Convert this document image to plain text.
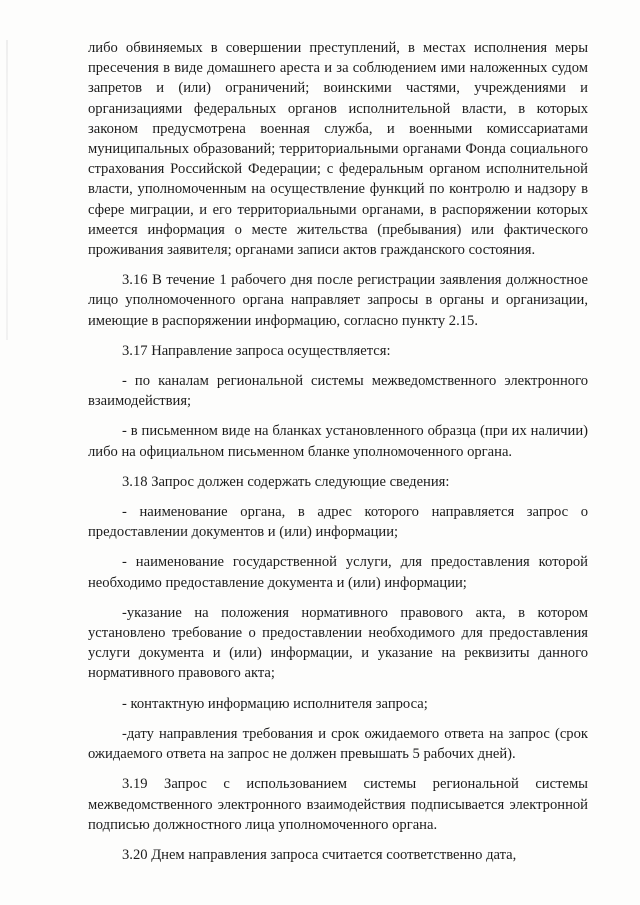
либо обвиняемых в совершении преступлений, в местах исполнения меры пресечения в виде домашнего ареста и за соблюдением ими наложенных судом запретов и (или) ограничений; воинскими частями, учреждениями и организациями федеральных органов исполнительной власти, в которых законом предусмотрена военная служба, и военными комиссариатами муниципальных образований; территориальными органами Фонда социального страхования Российской Федерации; с федеральным органом исполнительной власти, уполномоченным на осуществление функций по контролю и надзору в сфере миграции, и его территориальными органами, в распоряжении которых имеется информация о месте жительства (пребывания) или фактического проживания заявителя; органами записи актов гражданского состояния.

3.16 В течение 1 рабочего дня после регистрации заявления должностное лицо уполномоченного органа направляет запросы в органы и организации, имеющие в распоряжении информацию, согласно пункту 2.15.

3.17 Направление запроса осуществляется:

- по каналам региональной системы межведомственного электронного взаимодействия;

- в письменном виде на бланках установленного образца (при их наличии) либо на официальном письменном бланке уполномоченного органа.

3.18 Запрос должен содержать следующие сведения:

- наименование органа, в адрес которого направляется запрос о предоставлении документов и (или) информации;

- наименование государственной услуги, для предоставления которой необходимо предоставление документа и (или) информации;

-указание на положения нормативного правового акта, в котором установлено требование о предоставлении необходимого для предоставления услуги документа и (или) информации, и указание на реквизиты данного нормативного правового акта;

- контактную информацию исполнителя запроса;

-дату направления требования и срок ожидаемого ответа на запрос (срок ожидаемого ответа на запрос не должен превышать 5 рабочих дней).

3.19 Запрос с использованием системы региональной системы межведомственного электронного взаимодействия подписывается электронной подписью должностного лица уполномоченного органа.

3.20 Днем направления запроса считается соответственно дата,
